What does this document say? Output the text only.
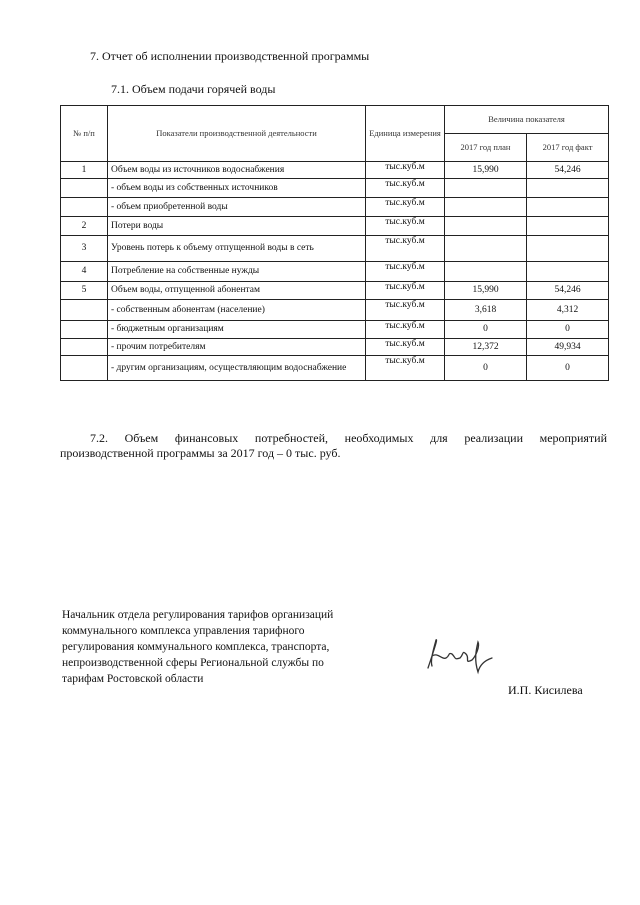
7. Отчет об исполнении производственной программы
7.1. Объем подачи горячей воды
№ п/п	Показатели производственной деятельности	Единица измерения	Величина показателя	
			2017 год план	2017 год факт
1	Объем воды из источников водоснабжения	тыс.куб.м	15,990	54,246
	- объем воды из собственных источников	тыс.куб.м		
	- объем приобретенной воды	тыс.куб.м		
2	Потери воды	тыс.куб.м		
3	Уровень потерь к объему отпущенной воды в сеть	тыс.куб.м		
4	Потребление на собственные нужды	тыс.куб.м		
5	Объем воды, отпущенной абонентам	тыс.куб.м	15,990	54,246
	- собственным абонентам (население)	тыс.куб.м	3,618	4,312
	- бюджетным организациям	тыс.куб.м	0	0
	- прочим потребителям	тыс.куб.м	12,372	49,934
	- другим организациям, осуществляющим водоснабжение	тыс.куб.м	0	0
7.2. Объем финансовых потребностей, необходимых для реализации мероприятий производственной программы за 2017 год – 0 тыс. руб.
Начальник отдела регулирования тарифов организаций
коммунального комплекса управления тарифного
регулирования коммунального комплекса, транспорта,
непроизводственной сферы Региональной службы по
тарифам Ростовской области
И.П. Кисилева
